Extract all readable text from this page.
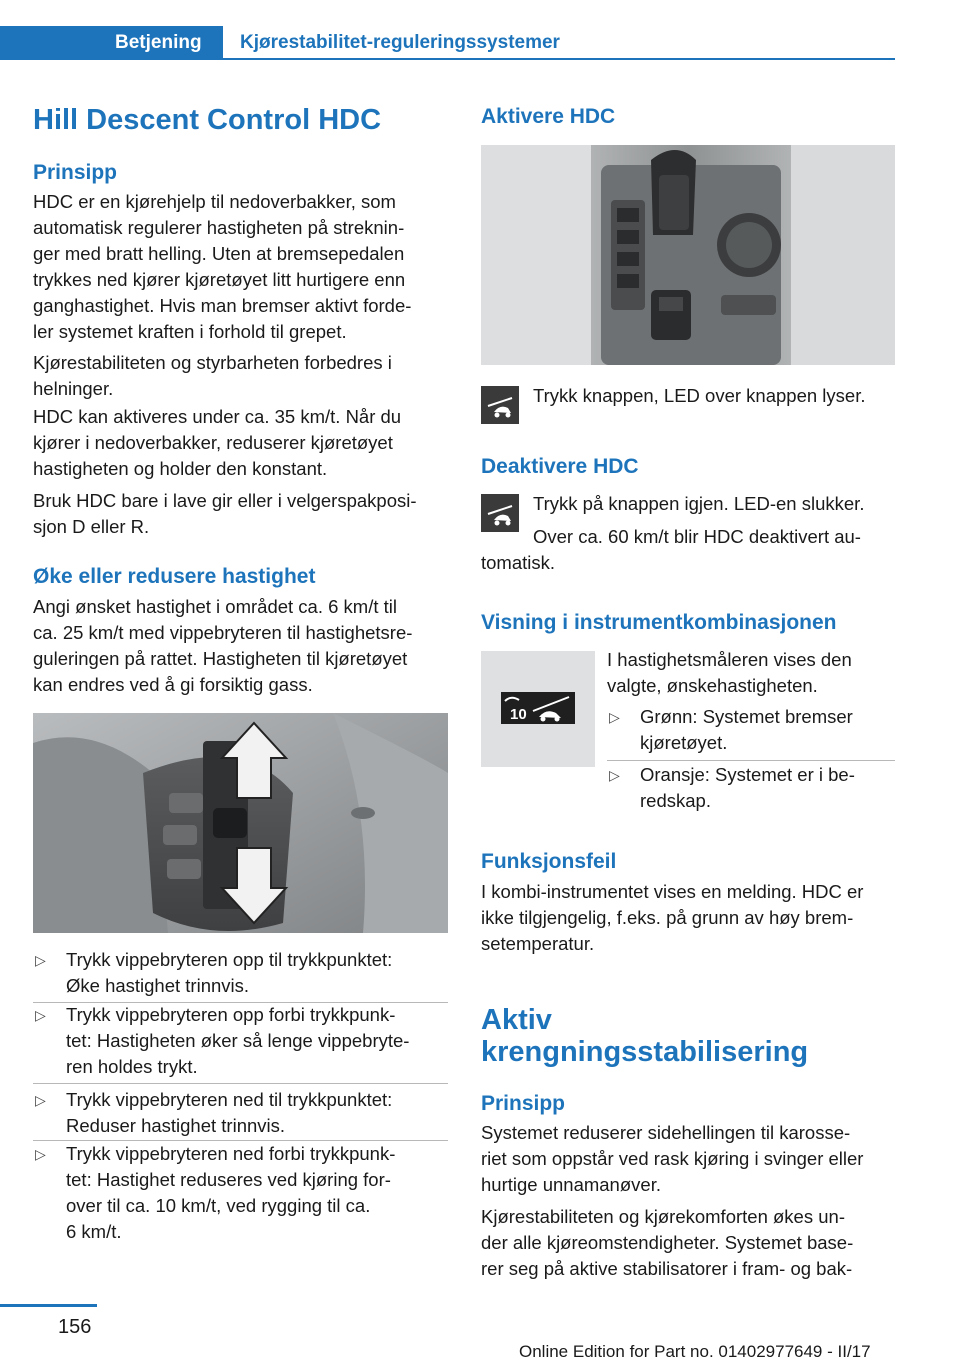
Betjening	Kjørestabilitet-reguleringssystemer
Hill Descent Control HDC
Prinsipp
HDC er en kjørehjelp til nedoverbakker, som
automatisk regulerer hastigheten på streknin-
ger med bratt helling. Uten at bremsepedalen
trykkes ned kjører kjøretøyet litt hurtigere enn
ganghastighet. Hvis man bremser aktivt forde-
ler systemet kraften i forhold til grepet.
Kjørestabiliteten og styrbarheten forbedres i
helninger.
HDC kan aktiveres under ca. 35 km/t. Når du
kjører i nedoverbakker, reduserer kjøretøyet
hastigheten og holder den konstant.
Bruk HDC bare i lave gir eller i velgerspakposi-
sjon D eller R.
Øke eller redusere hastighet
Angi ønsket hastighet i området ca. 6 km/t til
ca. 25 km/t med vippebryteren til hastighetsre-
guleringen på rattet. Hastigheten til kjøretøyet
kan endres ved å gi forsiktig gass.
▷ Trykk vippebryteren opp til trykkpunktet:
Øke hastighet trinnvis.
▷ Trykk vippebryteren opp forbi trykkpunk-
tet: Hastigheten øker så lenge vippebryte-
ren holdes trykt.
▷ Trykk vippebryteren ned til trykkpunktet:
Reduser hastighet trinnvis.
▷ Trykk vippebryteren ned forbi trykkpunk-
tet: Hastighet reduseres ved kjøring for-
over til ca. 10 km/t, ved rygging til ca.
6 km/t.
Aktivere HDC
Trykk knappen, LED over knappen lyser.
Deaktivere HDC
Trykk på knappen igjen. LED-en slukker.
Over ca. 60 km/t blir HDC deaktivert au-
tomatisk.
Visning i instrumentkombinasjonen
10
I hastighetsmåleren vises den
valgte, ønskehastigheten.
▷ Grønn: Systemet bremser
kjøretøyet.
▷ Oransje: Systemet er i be-
redskap.
Funksjonsfeil
I kombi-instrumentet vises en melding. HDC er
ikke tilgjengelig, f.eks. på grunn av høy brem-
setemperatur.
Aktiv
krengningsstabilisering
Prinsipp
Systemet reduserer sidehellingen til karosse-
riet som oppstår ved rask kjøring i svinger eller
hurtige unnamanøver.
Kjørestabiliteten og kjørekomforten økes un-
der alle kjøreomstendigheter. Systemet base-
rer seg på aktive stabilisatorer i fram- og bak-
156
Online Edition for Part no. 01402977649 - II/17
